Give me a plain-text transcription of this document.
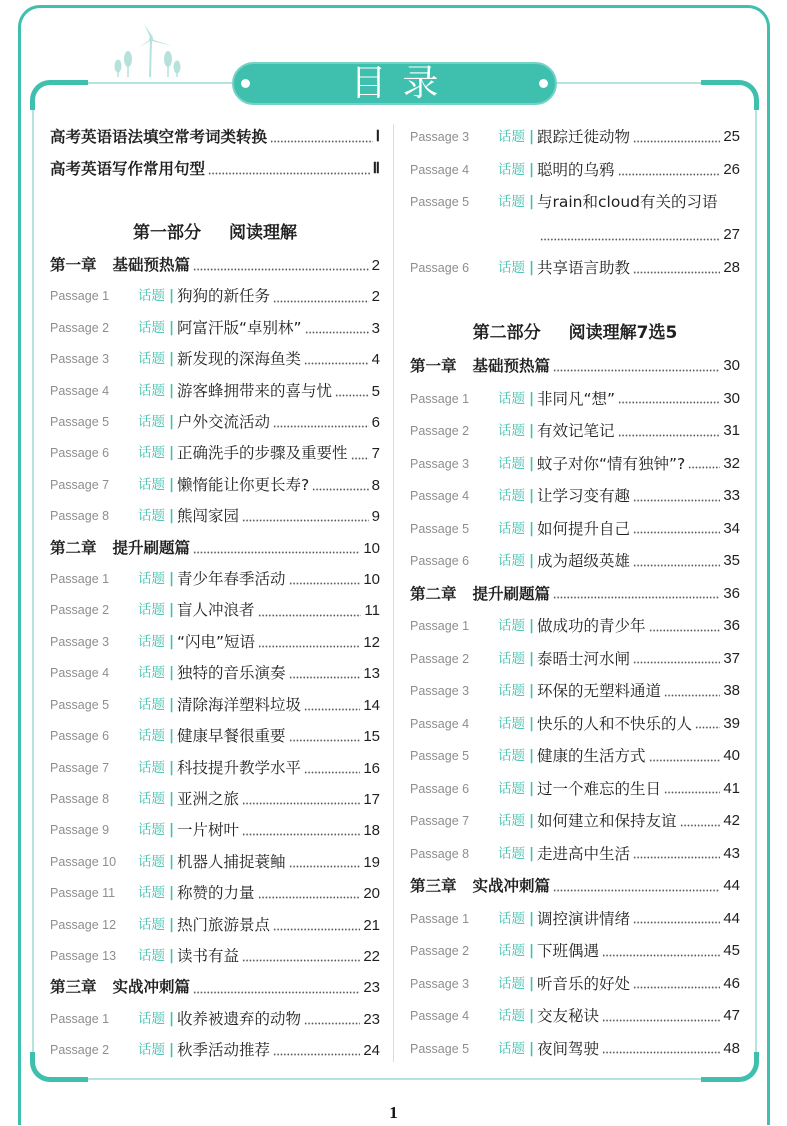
目录
高考英语语法填空常考词类转换	Ⅰ
高考英语写作常用句型	Ⅱ
第一部分 阅读理解
第一章 基础预热篇	2
Passage 1	话题 | 狗狗的新任务	2
Passage 2	话题 | 阿富汗版“卓别林”	3
Passage 3	话题 | 新发现的深海鱼类	4
Passage 4	话题 | 游客蜂拥带来的喜与忧	5
Passage 5	话题 | 户外交流活动	6
Passage 6	话题 | 正确洗手的步骤及重要性 7
Passage 7	话题 | 懒惰能让你更长寿?	8
Passage 8	话题 | 熊闯家园	9
第二章 提升刷题篇	10
Passage 1	话题 | 青少年春季活动	10
Passage 2	话题 | 盲人冲浪者	11
Passage 3	话题 | “闪电”短语	12
Passage 4	话题 | 独特的音乐演奏	13
Passage 5	话题 | 清除海洋塑料垃圾	14
Passage 6	话题 | 健康早餐很重要	15
Passage 7	话题 | 科技提升教学水平	16
Passage 8	话题 | 亚洲之旅	17
Passage 9	话题 | 一片树叶	18
Passage 10	话题 | 机器人捕捉蓑鲉	19
Passage 11	话题 | 称赞的力量	20
Passage 12	话题 | 热门旅游景点	21
Passage 13	话题 | 读书有益	22
第三章 实战冲刺篇	23
Passage 1	话题 | 收养被遗弃的动物	23
Passage 2	话题 | 秋季活动推荐	24
Passage 3	话题 | 跟踪迁徙动物	25
Passage 4	话题 | 聪明的乌鸦	26
Passage 5	话题 | 与rain和cloud有关的习语
27
Passage 6	话题 | 共享语言助教	28
第二部分 阅读理解7选5
第一章 基础预热篇	30
Passage 1	话题 | 非同凡“想”	30
Passage 2	话题 | 有效记笔记	31
Passage 3	话题 | 蚊子对你“情有独钟”?	32
Passage 4	话题 | 让学习变有趣	33
Passage 5	话题 | 如何提升自己	34
Passage 6	话题 | 成为超级英雄	35
第二章 提升刷题篇	36
Passage 1	话题 | 做成功的青少年	36
Passage 2	话题 | 泰晤士河水闸	37
Passage 3	话题 | 环保的无塑料通道	38
Passage 4	话题 | 快乐的人和不快乐的人 39
Passage 5	话题 | 健康的生活方式	40
Passage 6	话题 | 过一个难忘的生日	41
Passage 7	话题 | 如何建立和保持友谊	42
Passage 8	话题 | 走进高中生活	43
第三章 实战冲刺篇	44
Passage 1	话题 | 调控演讲情绪	44
Passage 2	话题 | 下班偶遇	45
Passage 3	话题 | 听音乐的好处	46
Passage 4	话题 | 交友秘诀	47
Passage 5	话题 | 夜间驾驶	48
1
